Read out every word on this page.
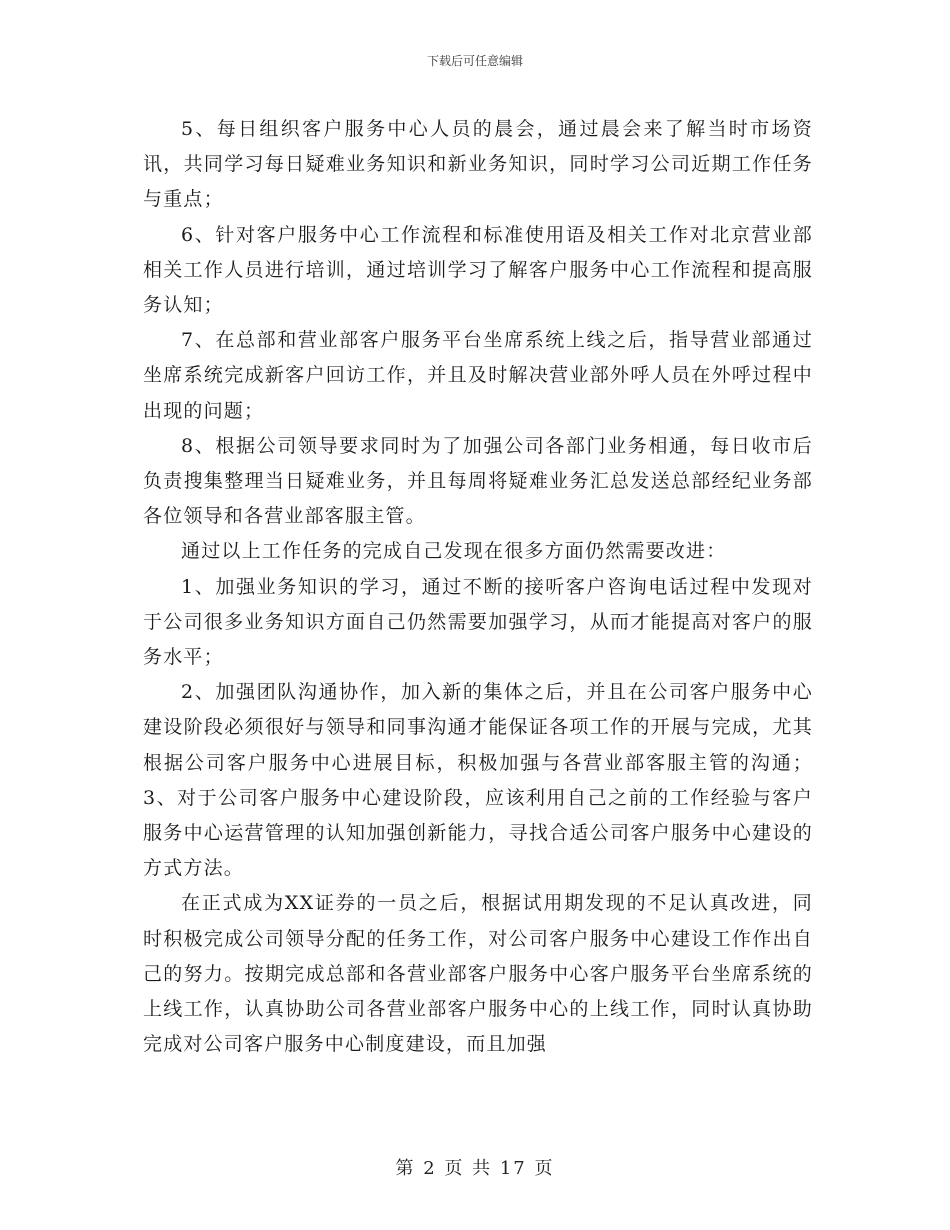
下载后可任意编辑

5、每日组织客户服务中心人员的晨会，通过晨会来了解当时市场资讯，共同学习每日疑难业务知识和新业务知识，同时学习公司近期工作任务与重点；

6、针对客户服务中心工作流程和标准使用语及相关工作对北京营业部相关工作人员进行培训，通过培训学习了解客户服务中心工作流程和提高服务认知；

7、在总部和营业部客户服务平台坐席系统上线之后，指导营业部通过坐席系统完成新客户回访工作，并且及时解决营业部外呼人员在外呼过程中出现的问题；

8、根据公司领导要求同时为了加强公司各部门业务相通，每日收市后负责搜集整理当日疑难业务，并且每周将疑难业务汇总发送总部经纪业务部各位领导和各营业部客服主管。

通过以上工作任务的完成自己发现在很多方面仍然需要改进：

1、加强业务知识的学习，通过不断的接听客户咨询电话过程中发现对于公司很多业务知识方面自己仍然需要加强学习，从而才能提高对客户的服务水平；

2、加强团队沟通协作，加入新的集体之后，并且在公司客户服务中心建设阶段必须很好与领导和同事沟通才能保证各项工作的开展与完成，尤其根据公司客户服务中心进展目标，积极加强与各营业部客服主管的沟通；3、对于公司客户服务中心建设阶段，应该利用自己之前的工作经验与客户服务中心运营管理的认知加强创新能力，寻找合适公司客户服务中心建设的方式方法。

在正式成为XX证券的一员之后，根据试用期发现的不足认真改进，同时积极完成公司领导分配的任务工作，对公司客户服务中心建设工作作出自己的努力。按期完成总部和各营业部客户服务中心客户服务平台坐席系统的上线工作，认真协助公司各营业部客户服务中心的上线工作，同时认真协助完成对公司客户服务中心制度建设，而且加强

第 2 页 共 17 页
